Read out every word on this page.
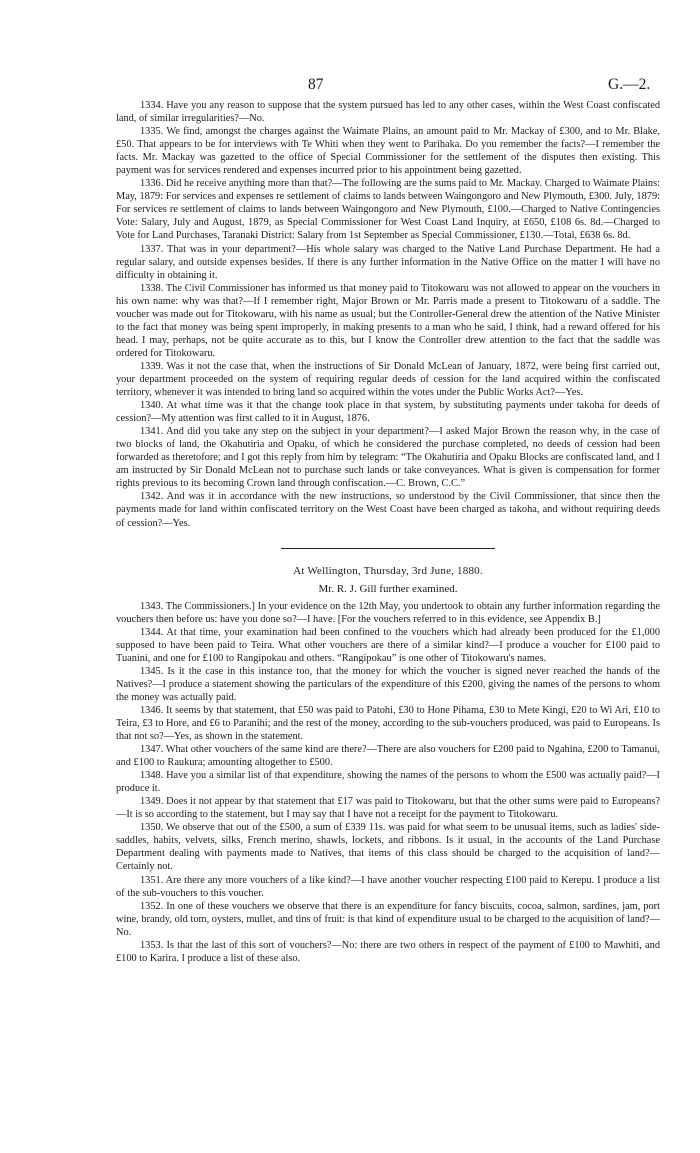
87	G.—2.

1334. Have you any reason to suppose that the system pursued has led to any other cases, within the West Coast confiscated land, of similar irregularities?—No.

1335. We find, amongst the charges against the Waimate Plains, an amount paid to Mr. Mackay of £300, and to Mr. Blake, £50. That appears to be for interviews with Te Whiti when they went to Parihaka. Do you remember the facts?—I remember the facts. Mr. Mackay was gazetted to the office of Special Commissioner for the settlement of the disputes then existing. This payment was for services rendered and expenses incurred prior to his appointment being gazetted.

1336. Did he receive anything more than that?—The following are the sums paid to Mr. Mackay. Charged to Waimate Plains: May, 1879: For services and expenses re settlement of claims to lands between Waingongoro and New Plymouth, £300. July, 1879: For services re settlement of claims to lands between Waingongoro and New Plymouth, £100.—Charged to Native Contingencies Vote: Salary, July and August, 1879, as Special Commissioner for West Coast Land Inquiry, at £650, £108 6s. 8d.—Charged to Vote for Land Purchases, Taranaki District: Salary from 1st September as Special Commissioner, £130.—Total, £638 6s. 8d.

1337. That was in your department?—His whole salary was charged to the Native Land Purchase Department. He had a regular salary, and outside expenses besides. If there is any further information in the Native Office on the matter I will have no difficulty in obtaining it.

1338. The Civil Commissioner has informed us that money paid to Titokowaru was not allowed to appear on the vouchers in his own name: why was that?—If I remember right, Major Brown or Mr. Parris made a present to Titokowaru of a saddle. The voucher was made out for Titokowaru, with his name as usual; but the Controller-General drew the attention of the Native Minister to the fact that money was being spent improperly, in making presents to a man who he said, I think, had a reward offered for his head. I may, perhaps, not be quite accurate as to this, but I know the Controller drew attention to the fact that the saddle was ordered for Titokowaru.

1339. Was it not the case that, when the instructions of Sir Donald McLean of January, 1872, were being first carried out, your department proceeded on the system of requiring regular deeds of cession for the land acquired within the confiscated territory, whenever it was intended to bring land so acquired within the votes under the Public Works Act?—Yes.

1340. At what time was it that the change took place in that system, by substituting payments under takoha for deeds of cession?—My attention was first called to it in August, 1876.

1341. And did you take any step on the subject in your department?—I asked Major Brown the reason why, in the case of two blocks of land, the Okahutiria and Opaku, of which he considered the purchase completed, no deeds of cession had been forwarded as theretofore; and I got this reply from him by telegram: “The Okahutiria and Opaku Blocks are confiscated land, and I am instructed by Sir Donald McLean not to purchase such lands or take conveyances. What is given is compensation for former rights previous to its becoming Crown land through confiscation.—C. Brown, C.C.”

1342. And was it in accordance with the new instructions, so understood by the Civil Commissioner, that since then the payments made for land within confiscated territory on the West Coast have been charged as takoha, and without requiring deeds of cession?—Yes.

At Wellington, Thursday, 3rd June, 1880.

Mr. R. J. Gill further examined.

1343. The Commissioners.] In your evidence on the 12th May, you undertook to obtain any further information regarding the vouchers then before us: have you done so?—I have. [For the vouchers referred to in this evidence, see Appendix B.]

1344. At that time, your examination had been confined to the vouchers which had already been produced for the £1,000 supposed to have been paid to Teira. What other vouchers are there of a similar kind?—I produce a voucher for £100 paid to Tuanini, and one for £100 to Rangipokau and others. “Rangipokau” is one other of Titokowaru's names.

1345. Is it the case in this instance too, that the money for which the voucher is signed never reached the hands of the Natives?—I produce a statement showing the particulars of the expenditure of this £200, giving the names of the persons to whom the money was actually paid.

1346. It seems by that statement, that £50 was paid to Patohi, £30 to Hone Pihama, £30 to Mete Kingi, £20 to Wi Ari, £10 to Teira, £3 to Hore, and £6 to Paranihi; and the rest of the money, according to the sub-vouchers produced, was paid to Europeans. Is that not so?—Yes, as shown in the statement.

1347. What other vouchers of the same kind are there?—There are also vouchers for £200 paid to Ngahina, £200 to Tamanui, and £100 to Raukura; amounting altogether to £500.

1348. Have you a similar list of that expenditure, showing the names of the persons to whom the £500 was actually paid?—I produce it.

1349. Does it not appear by that statement that £17 was paid to Titokowaru, but that the other sums were paid to Europeans?—It is so according to the statement, but I may say that I have not a receipt for the payment to Titokowaru.

1350. We observe that out of the £500, a sum of £339 11s. was paid for what seem to be unusual items, such as ladies' side-saddles, habits, velvets, silks, French merino, shawls, lockets, and ribbons. Is it usual, in the accounts of the Land Purchase Department dealing with payments made to Natives, that items of this class should be charged to the acquisition of land?—Certainly not.

1351. Are there any more vouchers of a like kind?—I have another voucher respecting £100 paid to Kerepu. I produce a list of the sub-vouchers to this voucher.

1352. In one of these vouchers we observe that there is an expenditure for fancy biscuits, cocoa, salmon, sardines, jam, port wine, brandy, old tom, oysters, mullet, and tins of fruit: is that kind of expenditure usual to be charged to the acquisition of land?—No.

1353. Is that the last of this sort of vouchers?—No: there are two others in respect of the payment of £100 to Mawhiti, and £100 to Karira. I produce a list of these also.
